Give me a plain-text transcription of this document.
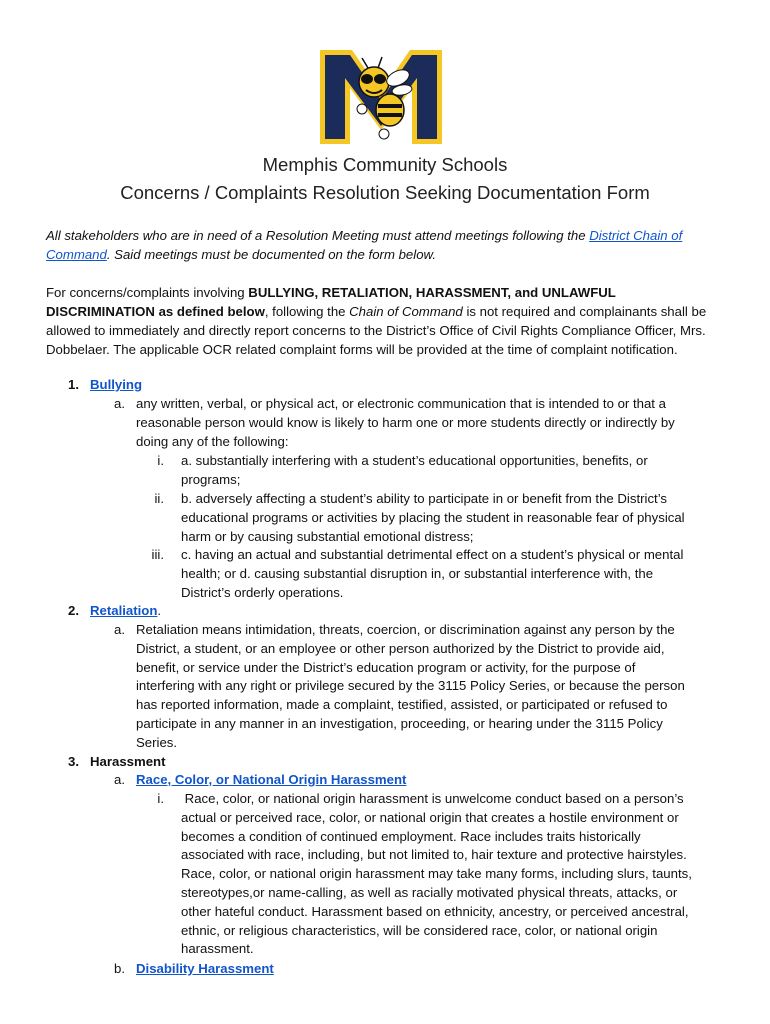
Memphis Community Schools
Concerns / Complaints Resolution Seeking Documentation Form
All stakeholders who are in need of a Resolution Meeting must attend meetings following the District Chain of Command. Said meetings must be documented on the form below.
For concerns/complaints involving BULLYING, RETALIATION, HARASSMENT, and UNLAWFUL DISCRIMINATION as defined below, following the Chain of Command is not required and complainants shall be allowed to immediately and directly report concerns to the District’s Office of Civil Rights Compliance Officer, Mrs. Dobbelaer. The applicable OCR related complaint forms will be provided at the time of complaint notification.
1. Bullying
a. any written, verbal, or physical act, or electronic communication that is intended to or that a
reasonable person would know is likely to harm one or more students directly or indirectly by
doing any of the following:
i. a. substantially interfering with a student’s educational opportunities, benefits, or
programs;
ii. b. adversely affecting a student’s ability to participate in or benefit from the District’s
educational programs or activities by placing the student in reasonable fear of physical
harm or by causing substantial emotional distress;
iii. c. having an actual and substantial detrimental effect on a student’s physical or mental
health; or d. causing substantial disruption in, or substantial interference with, the
District’s orderly operations.
2. Retaliation.
a. Retaliation means intimidation, threats, coercion, or discrimination against any person by the
District, a student, or an employee or other person authorized by the District to provide aid,
benefit, or service under the District’s education program or activity, for the purpose of
interfering with any right or privilege secured by the 3115 Policy Series, or because the person
has reported information, made a complaint, testified, assisted, or participated or refused to
participate in any manner in an investigation, proceeding, or hearing under the 3115 Policy
Series.
3. Harassment
a. Race, Color, or National Origin Harassment
i. Race, color, or national origin harassment is unwelcome conduct based on a person’s
actual or perceived race, color, or national origin that creates a hostile environment or
becomes a condition of continued employment. Race includes traits historically
associated with race, including, but not limited to, hair texture and protective hairstyles.
Race, color, or national origin harassment may take many forms, including slurs, taunts,
stereotypes,or name-calling, as well as racially motivated physical threats, attacks, or
other hateful conduct. Harassment based on ethnicity, ancestry, or perceived ancestral,
ethnic, or religious characteristics, will be considered race, color, or national origin
harassment.
b. Disability Harassment
